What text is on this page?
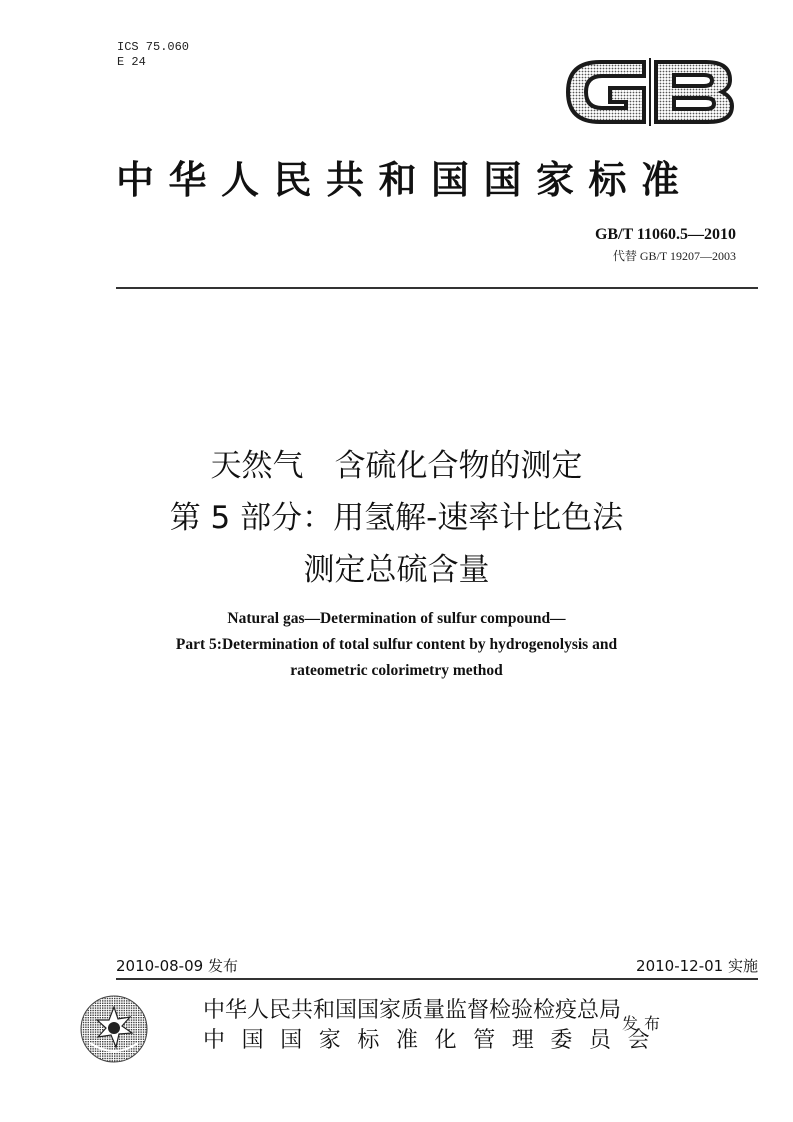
ICS 75.060
E 24
中华人民共和国国家标准
GB/T 11060.5—2010
代替 GB/T 19207—2003
天然气　含硫化合物的测定
第 5 部分：用氢解-速率计比色法
测定总硫含量
Natural gas—Determination of sulfur compound—
Part 5:Determination of total sulfur content by hydrogenolysis and
rateometric colorimetry method
2010-08-09 发布	2010-12-01 实施
中华人民共和国国家质量监督检验检疫总局
中国国家标准化管理委员会
发布
